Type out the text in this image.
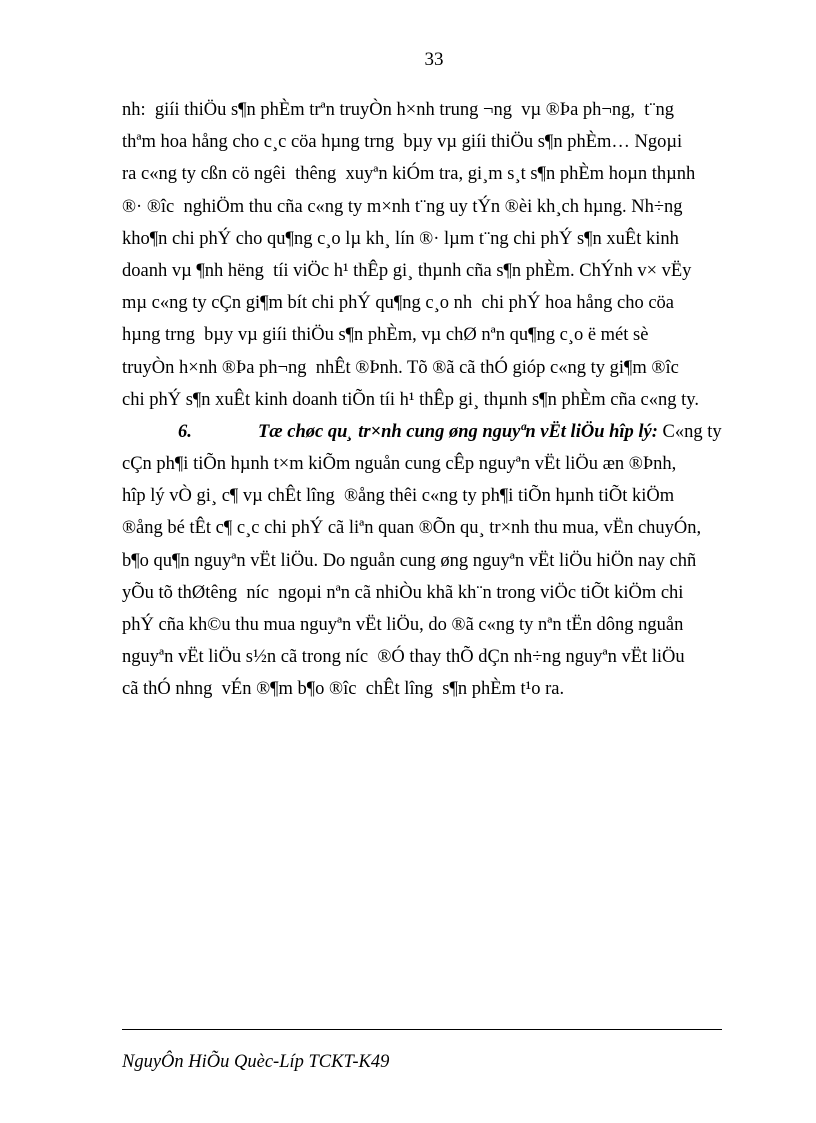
33
nh:  giíi thiÖu s¶n phÈm trªn truyÒn h×nh trung ¬ng  vµ ®Þa ph¬ng,  t¨ng
thªm hoa hång cho c¸c cöa hµng trng  bµy vµ giíi thiÖu s¶n phÈm… Ngoµi
ra c«ng ty cßn cö ngêi  thêng  xuyªn kiÓm tra, gi¸m s¸t s¶n phÈm hoµn thµnh
®· ®îc  nghiÖm thu cña c«ng ty m×nh t¨ng uy tÝn ®èi kh¸ch hµng. Nh÷ng
kho¶n chi phÝ cho qu¶ng c¸o lµ kh¸ lín ®· lµm t¨ng chi phÝ s¶n xuÊt kinh
doanh vµ ¶nh hëng  tíi viÖc h¹ thÊp gi¸ thµnh cña s¶n phÈm. ChÝnh v× vËy
mµ c«ng ty cÇn gi¶m bít chi phÝ qu¶ng c¸o nh  chi phÝ hoa hång cho cöa
hµng trng  bµy vµ giíi thiÖu s¶n phÈm, vµ chØ nªn qu¶ng c¸o ë mét sè
truyÒn h×nh ®Þa ph¬ng  nhÊt ®Þnh. Tõ ®ã cã thÓ gióp c«ng ty gi¶m ®îc
chi phÝ s¶n xuÊt kinh doanh tiÕn tíi h¹ thÊp gi¸ thµnh s¶n phÈm cña c«ng ty.
6.	Tæ chøc qu¸ tr×nh cung øng nguyªn vËt liÖu hîp lý: C«ng ty
cÇn ph¶i tiÕn hµnh t×m kiÕm nguån cung cÊp nguyªn vËt liÖu æn ®Þnh,
hîp lý vÒ gi¸ c¶ vµ chÊt lîng  ®ång thêi c«ng ty ph¶i tiÕn hµnh tiÕt kiÖm
®ång bé tÊt c¶ c¸c chi phÝ cã liªn quan ®Õn qu¸ tr×nh thu mua, vËn chuyÓn,
b¶o qu¶n nguyªn vËt liÖu. Do nguån cung øng nguyªn vËt liÖu hiÖn nay chñ
yÕu tõ thØtêng  níc  ngoµi nªn cã nhiÒu khã kh¨n trong viÖc tiÕt kiÖm chi
phÝ cña kh©u thu mua nguyªn vËt liÖu, do ®ã c«ng ty nªn tËn dông nguån
nguyªn vËt liÖu s½n cã trong níc  ®Ó thay thÕ dÇn nh÷ng nguyªn vËt liÖu
cã thÓ nhng  vÉn ®¶m b¶o ®îc  chÊt lîng  s¶n phÈm t¹o ra.
NguyÔn HiÕu Quèc-Líp TCKT-K49
